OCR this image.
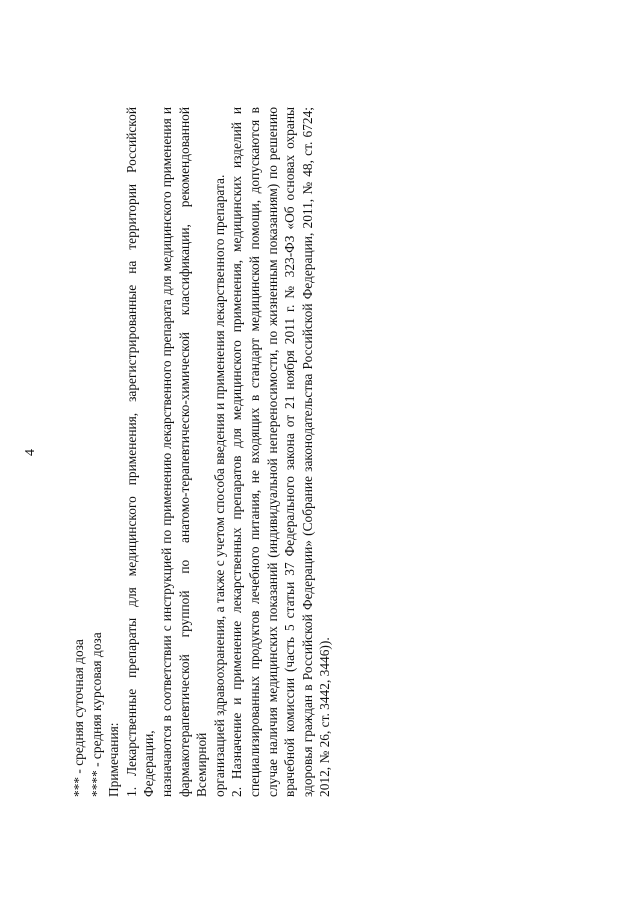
4
*** - средняя суточная доза **** - средняя курсовая доза Примечания: 1. Лекарственные препараты для медицинского применения, зарегистрированные на территории Российской Федерации, назначаются в соответствии с инструкцией по применению лекарственного препарата для медицинского применения и фармакотерапевтической группой по анатомо-терапевтическо-химической классификации, рекомендованной Всемирной организацией здравоохранения, а также с учетом способа введения и применения лекарственного препарата. 2. Назначение и применение лекарственных препаратов для медицинского применения, медицинских изделий и специализированных продуктов лечебного питания, не входящих в стандарт медицинской помощи, допускаются в случае наличия медицинских показаний (индивидуальной непереносимости, по жизненным показаниям) по решению врачебной комиссии (часть 5 статьи 37 Федерального закона от 21 ноября 2011 г. № 323-ФЗ «Об основах охраны здоровья граждан в Российской Федерации» (Собрание законодательства Российской Федерации, 2011, № 48, ст. 6724; 2012, № 26, ст. 3442, 3446)).
